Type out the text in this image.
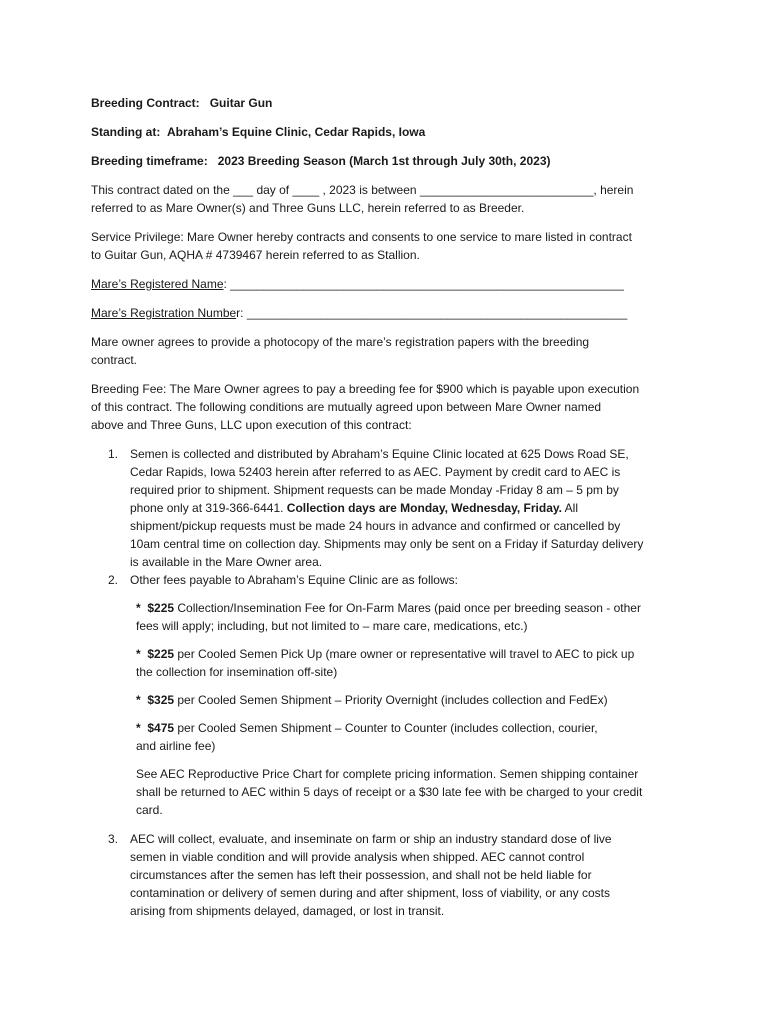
Breeding Contract: Guitar Gun

Standing at: Abraham’s Equine Clinic, Cedar Rapids, Iowa

Breeding timeframe: 2023 Breeding Season (March 1st through July 30th, 2023)

This contract dated on the ___ day of ____ , 2023 is between __________________________, herein
referred to as Mare Owner(s) and Three Guns LLC, herein referred to as Breeder.

Service Privilege: Mare Owner hereby contracts and consents to one service to mare listed in contract
to Guitar Gun, AQHA # 4739467 herein referred to as Stallion.

Mare’s Registered Name: ___________________________________________________________

Mare’s Registration Number: _________________________________________________________

Mare owner agrees to provide a photocopy of the mare’s registration papers with the breeding
contract.

Breeding Fee: The Mare Owner agrees to pay a breeding fee for $900 which is payable upon execution
of this contract. The following conditions are mutually agreed upon between Mare Owner named
above and Three Guns, LLC upon execution of this contract:

1. Semen is collected and distributed by Abraham’s Equine Clinic located at 625 Dows Road SE,
Cedar Rapids, Iowa 52403 herein after referred to as AEC. Payment by credit card to AEC is
required prior to shipment. Shipment requests can be made Monday -Friday 8 am – 5 pm by
phone only at 319-366-6441. Collection days are Monday, Wednesday, Friday. All
shipment/pickup requests must be made 24 hours in advance and confirmed or cancelled by
10am central time on collection day. Shipments may only be sent on a Friday if Saturday delivery
is available in the Mare Owner area.
2. Other fees payable to Abraham’s Equine Clinic are as follows:

* $225 Collection/Insemination Fee for On-Farm Mares (paid once per breeding season - other
fees will apply; including, but not limited to – mare care, medications, etc.)

* $225 per Cooled Semen Pick Up (mare owner or representative will travel to AEC to pick up
the collection for insemination off-site)

* $325 per Cooled Semen Shipment – Priority Overnight (includes collection and FedEx)

* $475 per Cooled Semen Shipment – Counter to Counter (includes collection, courier,
and airline fee)

See AEC Reproductive Price Chart for complete pricing information. Semen shipping container
shall be returned to AEC within 5 days of receipt or a $30 late fee with be charged to your credit
card.

3. AEC will collect, evaluate, and inseminate on farm or ship an industry standard dose of live
semen in viable condition and will provide analysis when shipped. AEC cannot control
circumstances after the semen has left their possession, and shall not be held liable for
contamination or delivery of semen during and after shipment, loss of viability, or any costs
arising from shipments delayed, damaged, or lost in transit.
